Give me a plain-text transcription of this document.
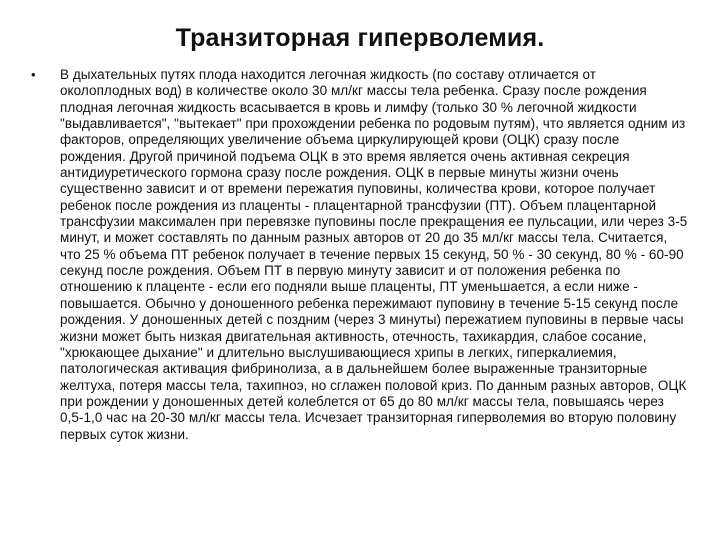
Транзиторная гиперволемия.
• В дыхательных путях плода находится легочная жидкость (по составу отличается от околоплодных вод) в количестве около 30 мл/кг массы тела ребенка. Сразу после рождения плодная легочная жидкость всасывается в кровь и лимфу (только 30 % легочной жидкости "выдавливается", "вытекает" при прохождении ребенка по родовым путям), что является одним из факторов, определяющих увеличение объема циркулирующей крови (ОЦК) сразу после рождения. Другой причиной подъема ОЦК в это время является очень активная секреция антидиуретического гормона сразу после рождения. ОЦК в первые минуты жизни очень существенно зависит и от времени пережатия пуповины, количества крови, которое получает ребенок после рождения из плаценты - плацентарной трансфузии (ПТ). Объем плацентарной трансфузии максимален при перевязке пуповины после прекращения ее пульсации, или через 3-5 минут, и может составлять по данным разных авторов от 20 до 35 мл/кг массы тела. Считается, что 25 % объема ПТ ребенок получает в течение первых 15 секунд, 50 % - 30 секунд, 80 % - 60-90 секунд после рождения. Объем ПТ в первую минуту зависит и от положения ребенка по отношению к плаценте - если его подняли выше плаценты, ПТ уменьшается, а если ниже - повышается. Обычно у доношенного ребенка пережимают пуповину в течение 5-15 секунд после рождения. У доношенных детей с поздним (через 3 минуты) пережатием пуповины в первые часы жизни может быть низкая двигательная активность, отечность, тахикардия, слабое сосание, "хрюкающее дыхание" и длительно выслушивающиеся хрипы в легких, гиперкалиемия, патологическая активация фибринолиза, а в дальнейшем более выраженные транзиторные желтуха, потеря массы тела, тахипноэ, но сглажен половой криз. По данным разных авторов, ОЦК при рождении у доношенных детей колеблется от 65 до 80 мл/кг массы тела, повышаясь через 0,5-1,0 час на 20-30 мл/кг массы тела. Исчезает транзиторная гиперволемия во вторую половину первых суток жизни.
